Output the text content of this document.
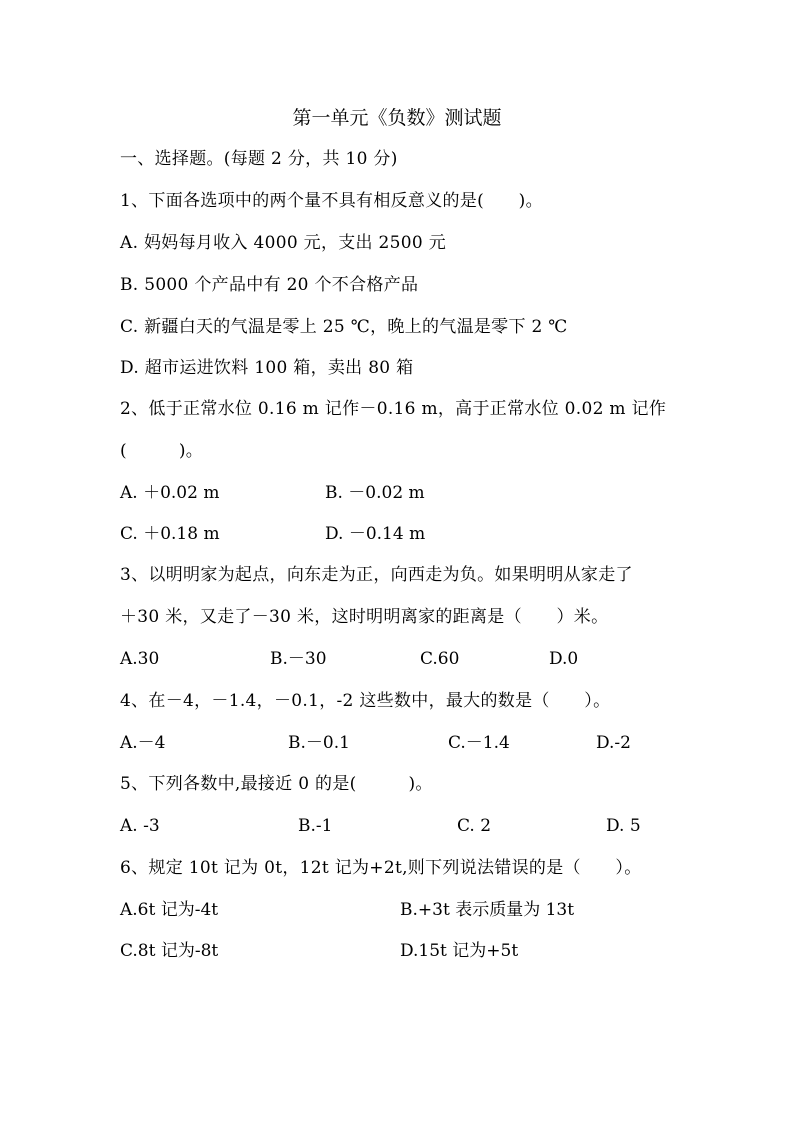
第一单元《负数》测试题
一、选择题。(每题 2 分，共 10 分)
1、下面各选项中的两个量不具有相反意义的是(　　)。
A. 妈妈每月收入 4000 元，支出 2500 元
B. 5000 个产品中有 20 个不合格产品
C. 新疆白天的气温是零上 25 ℃，晚上的气温是零下 2 ℃
D. 超市运进饮料 100 箱，卖出 80 箱
2、低于正常水位 0.16 m 记作－0.16 m，高于正常水位 0.02 m 记作
(　　　)。
A. ＋0.02 m	B. －0.02 m
C. ＋0.18 m	D. －0.14 m
3、以明明家为起点，向东走为正，向西走为负。如果明明从家走了
＋30 米，又走了－30 米，这时明明离家的距离是（　　）米。
A.30	B.－30	C.60	D.0
4、在－4，－1.4，－0.1，-2 这些数中，最大的数是（　　）。
A.－4	B.－0.1	C.－1.4	D.-2
5、下列各数中,最接近 0 的是(　　　)。
A. -3	B.-1	C. 2	D. 5
6、规定 10t 记为 0t，12t 记为+2t,则下列说法错误的是（　　）。
A.6t 记为-4t	B.+3t 表示质量为 13t
C.8t 记为-8t	D.15t 记为+5t
